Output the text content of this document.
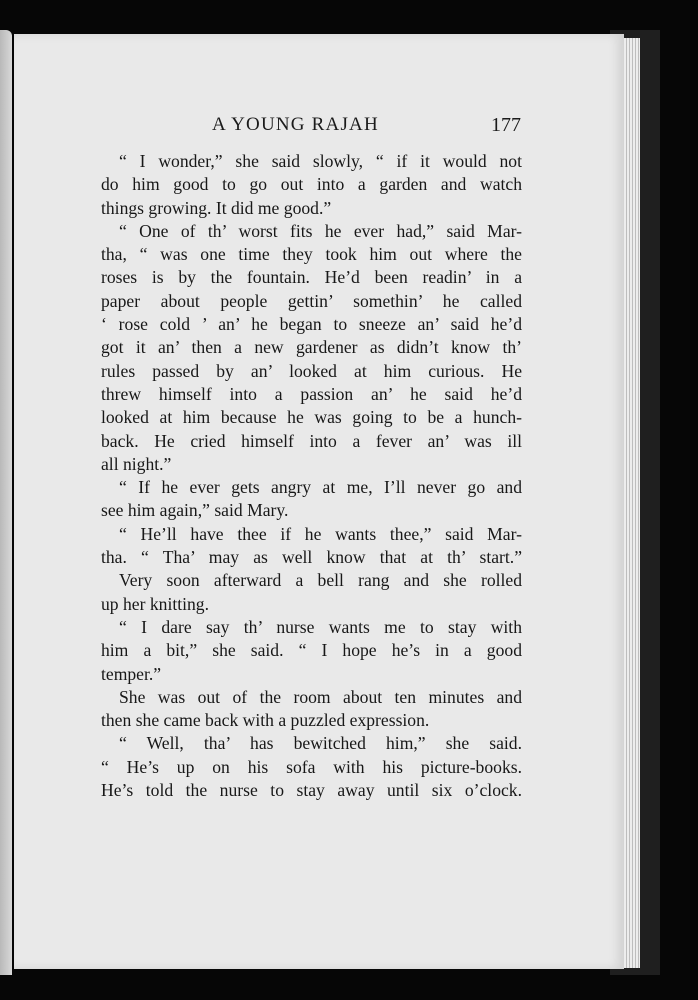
A YOUNG RAJAH	177
“ I wonder,” she said slowly, “ if it would not
do him good to go out into a garden and watch
things growing. It did me good.”
“ One of th’ worst fits he ever had,” said Mar-
tha, “ was one time they took him out where the
roses is by the fountain. He’d been readin’ in a
paper about people gettin’ somethin’ he called
‘ rose cold ’ an’ he began to sneeze an’ said he’d
got it an’ then a new gardener as didn’t know th’
rules passed by an’ looked at him curious. He
threw himself into a passion an’ he said he’d
looked at him because he was going to be a hunch-
back. He cried himself into a fever an’ was ill
all night.”
“ If he ever gets angry at me, I’ll never go and
see him again,” said Mary.
“ He’ll have thee if he wants thee,” said Mar-
tha. “ Tha’ may as well know that at th’ start.”
Very soon afterward a bell rang and she rolled
up her knitting.
“ I dare say th’ nurse wants me to stay with
him a bit,” she said. “ I hope he’s in a good
temper.”
She was out of the room about ten minutes and
then she came back with a puzzled expression.
“ Well, tha’ has bewitched him,” she said.
“ He’s up on his sofa with his picture-books.
He’s told the nurse to stay away until six o’clock.
